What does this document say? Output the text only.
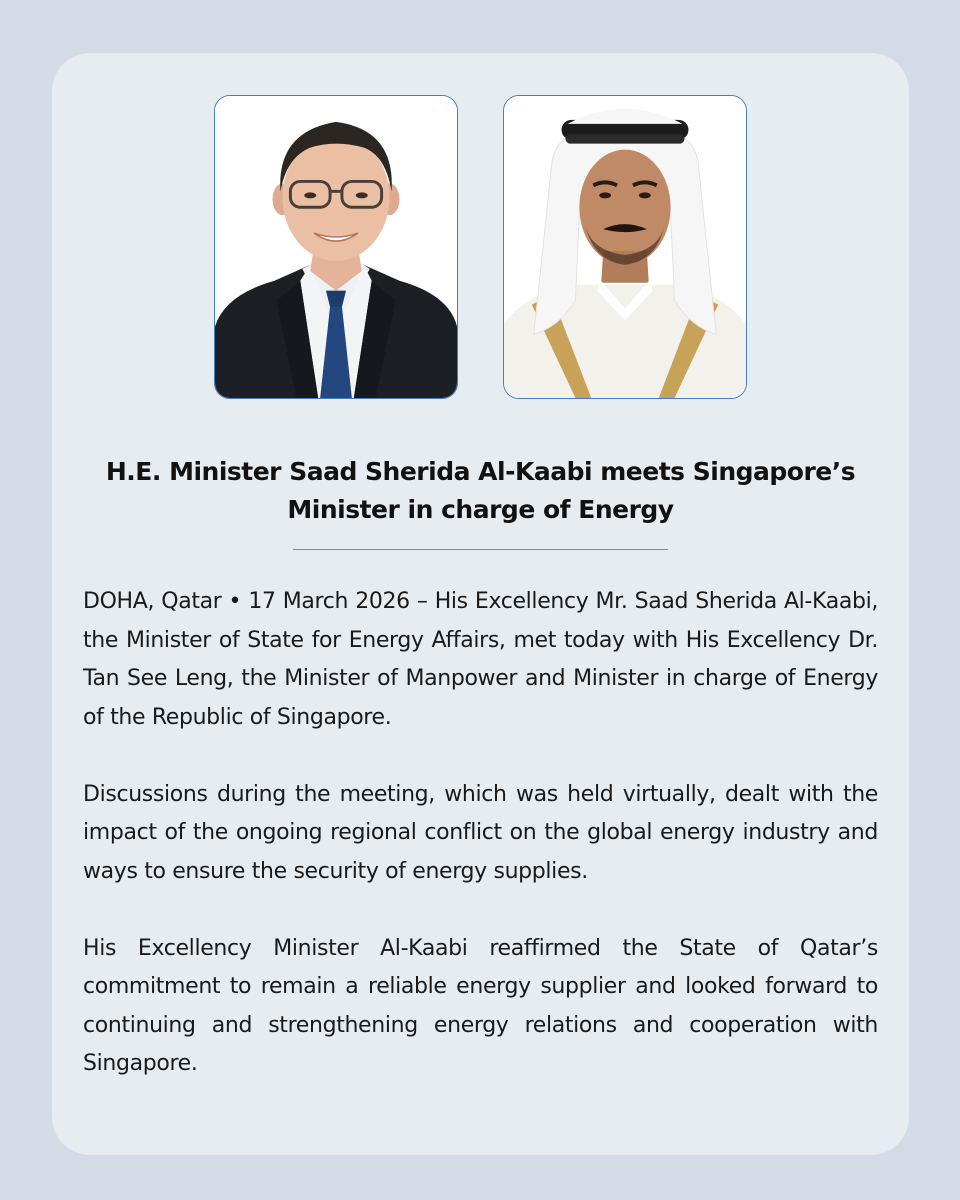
H.E. Minister Saad Sherida Al-Kaabi meets Singapore’s Minister in charge of Energy

DOHA, Qatar • 17 March 2026 – His Excellency Mr. Saad Sherida Al-Kaabi, the Minister of State for Energy Affairs, met today with His Excellency Dr. Tan See Leng, the Minister of Manpower and Minister in charge of Energy of the Republic of Singapore.

Discussions during the meeting, which was held virtually, dealt with the impact of the ongoing regional conflict on the global energy industry and ways to ensure the security of energy supplies.

His Excellency Minister Al-Kaabi reaffirmed the State of Qatar’s commitment to remain a reliable energy supplier and looked forward to continuing and strengthening energy relations and cooperation with Singapore.
